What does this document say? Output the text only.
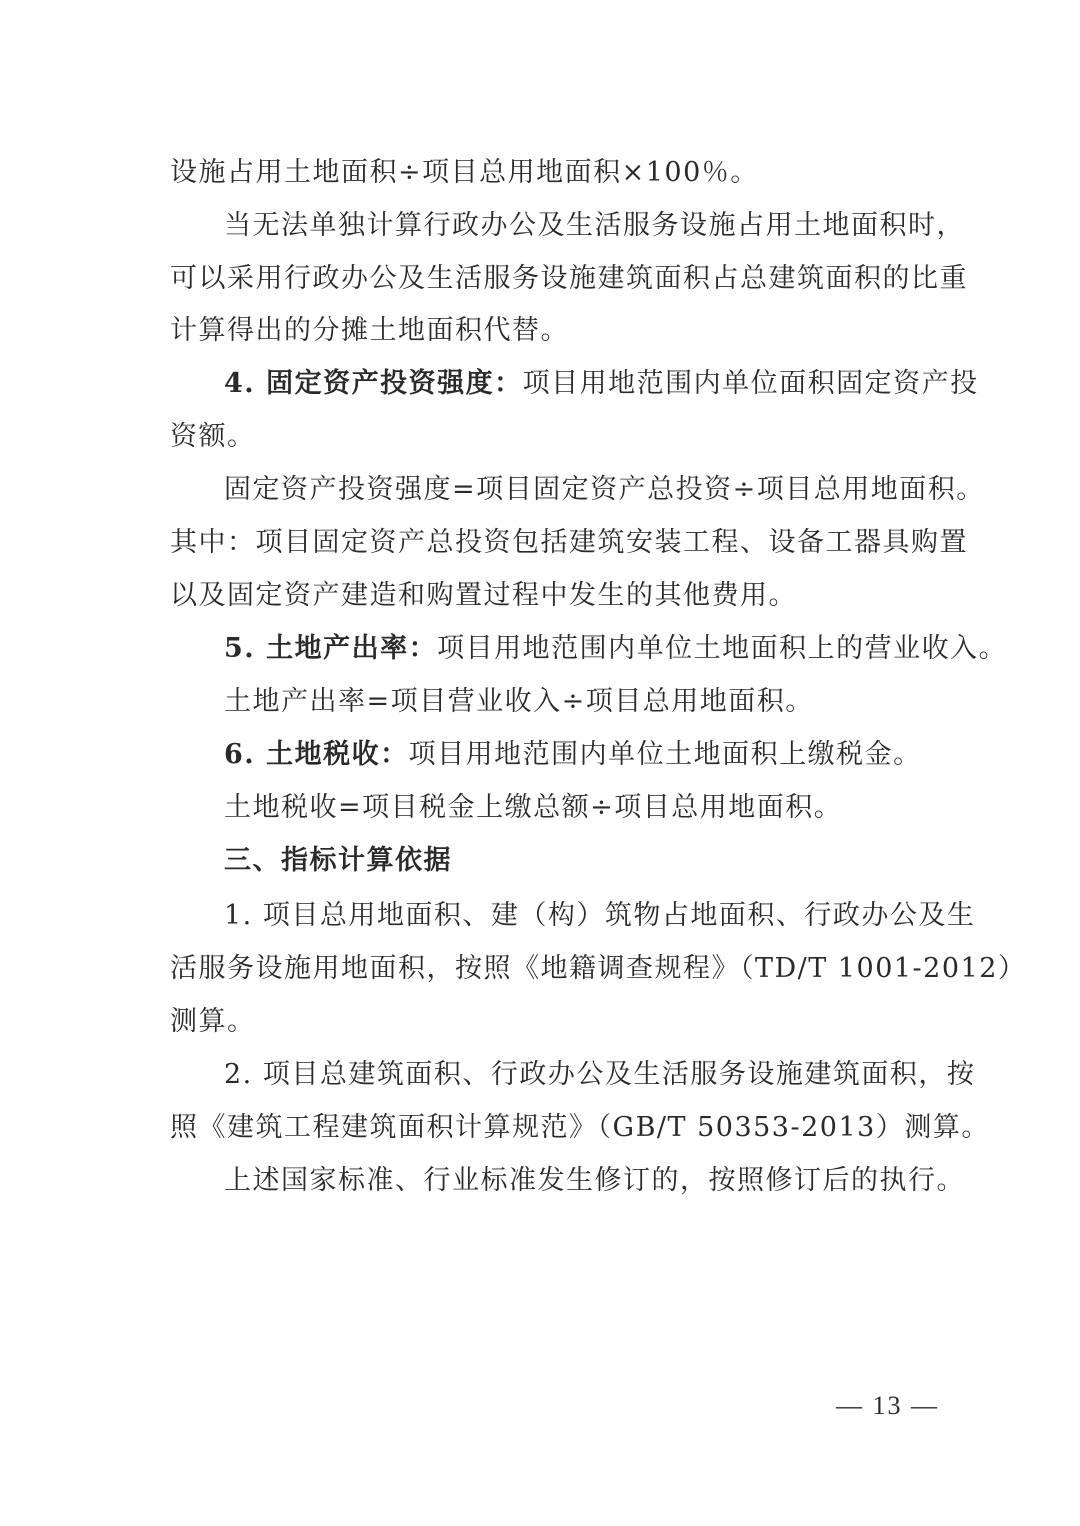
设施占用土地面积÷项目总用地面积×100％。
当无法单独计算行政办公及生活服务设施占用土地面积时，
可以采用行政办公及生活服务设施建筑面积占总建筑面积的比重
计算得出的分摊土地面积代替。
4. 固定资产投资强度：项目用地范围内单位面积固定资产投
资额。
固定资产投资强度=项目固定资产总投资÷项目总用地面积。
其中：项目固定资产总投资包括建筑安装工程、设备工器具购置
以及固定资产建造和购置过程中发生的其他费用。
5. 土地产出率：项目用地范围内单位土地面积上的营业收入。
土地产出率=项目营业收入÷项目总用地面积。
6. 土地税收：项目用地范围内单位土地面积上缴税金。
土地税收=项目税金上缴总额÷项目总用地面积。
三、指标计算依据
1. 项目总用地面积、建（构）筑物占地面积、行政办公及生
活服务设施用地面积，按照《地籍调查规程》（TD/T 1001-2012）
测算。
2. 项目总建筑面积、行政办公及生活服务设施建筑面积，按
照《建筑工程建筑面积计算规范》（GB/T 50353-2013）测算。
上述国家标准、行业标准发生修订的，按照修订后的执行。
— 13 —
